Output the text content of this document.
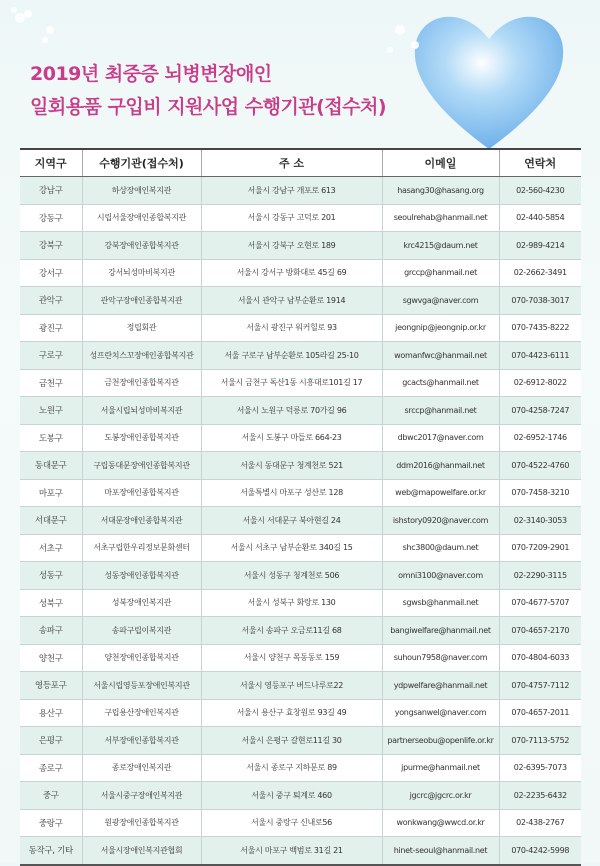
2019년 최중증 뇌병변장애인
일회용품 구입비 지원사업 수행기관(접수처)
지역구	수행기관(접수처)	주 소	이메일	연락처
강남구	하상장애인복지관	서울시 강남구 개포로 613	hasang30@hasang.org	02-560-4230
강동구	시립서울장애인종합복지관	서울시 강동구 고덕로 201	seoulrehab@hanmail.net	02-440-5854
강북구	강북장애인종합복지관	서울시 강북구 오현로 189	krc4215@daum.net	02-989-4214
강서구	강서뇌성마비복지관	서울시 강서구 방화대로 45길 69	grccp@hanmail.net	02-2662-3491
관악구	관악구장애인종합복지관	서울시 관악구 남부순환로 1914	sgwvga@naver.com	070-7038-3017
광진구	정립회관	서울시 광진구 워커힐로 93	jeongnip@jeongnip.or.kr	070-7435-8222
구로구	성프란치스꼬장애인종합복지관	서울 구로구 남부순환로 105라길 25-10	womanfwc@hanmail.net	070-4423-6111
금천구	금천장애인종합복지관	서울시 금천구 독산1동 시흥대로101길 17	gcacts@hanmail.net	02-6912-8022
노원구	서울시립뇌성마비복지관	서울시 노원구 덕릉로 70가길 96	srccp@hanmail.net	070-4258-7247
도봉구	도봉장애인종합복지관	서울시 도봉구 마들로 664-23	dbwc2017@naver.com	02-6952-1746
동대문구	구립동대문장애인종합복지관	서울시 동대문구 청계천로 521	ddm2016@hanmail.net	070-4522-4760
마포구	마포장애인종합복지관	서울특별시 마포구 성산로 128	web@mapowelfare.or.kr	070-7458-3210
서대문구	서대문장애인종합복지관	서울시 서대문구 북아현길 24	ishstory0920@naver.com	02-3140-3053
서초구	서초구립한우리정보문화센터	서울시 서초구 남부순환로 340길 15	shc3800@daum.net	070-7209-2901
성동구	성동장애인종합복지관	서울시 성동구 청계천로 506	omni3100@naver.com	02-2290-3115
성북구	성북장애인복지관	서울시 성북구 화랑로 130	sgwsb@hanmail.net	070-4677-5707
송파구	송파구립이복지관	서울시 송파구 오금로11길 68	bangiwelfare@hanmail.net	070-4657-2170
양천구	양천장애인종합복지관	서울시 양천구 목동동로 159	suhoun7958@naver.com	070-4804-6033
영등포구	서울시립영등포장애인복지관	서울시 영등포구 버드나루로22	ydpwelfare@hanmail.net	070-4757-7112
용산구	구립용산장애인복지관	서울시 용산구 효창원로 93길 49	yongsanwel@naver.com	070-4657-2011
은평구	서부장애인종합복지관	서울시 은평구 갈현로11길 30	partnerseobu@openlife.or.kr	070-7113-5752
종로구	종로장애인복지관	서울시 종로구 지하문로 89	jpurme@hanmail.net	02-6395-7073
중구	서울시중구장애인복지관	서울시 중구 퇴계로 460	jgcrc@jgcrc.or.kr	02-2235-6432
중랑구	원광장애인종합복지관	서울시 중랑구 신내로56	wonkwang@wwcd.or.kr	02-438-2767
동작구, 기타	서울시장애인복지관협회	서울시 마포구 백범로 31길 21	hinet-seoul@hanmail.net	070-4242-5998
